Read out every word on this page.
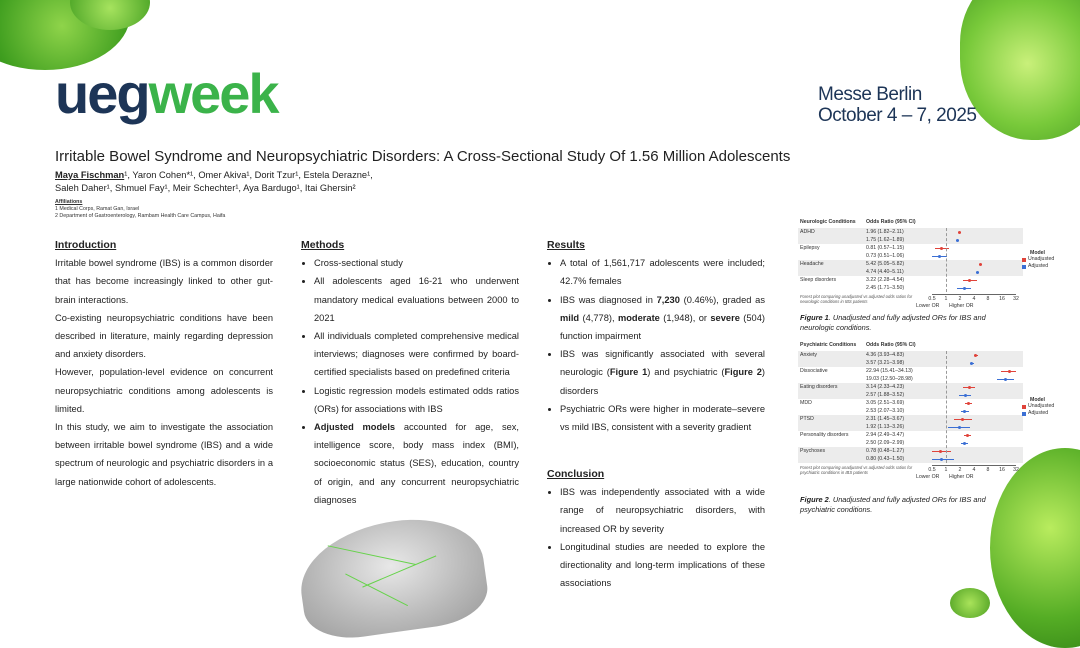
uegweek	Messe Berlin
October 4 – 7, 2025
Irritable Bowel Syndrome and Neuropsychiatric Disorders: A Cross-Sectional Study Of 1.56 Million Adolescents
Maya Fischman¹, Yaron Cohen*¹, Omer Akiva¹, Dorit Tzur¹, Estela Derazne¹,
Saleh Daher¹, Shmuel Fay¹, Meir Schechter¹, Aya Bardugo¹, Itai Ghersin²
Affiliations
1 Medical Corps, Ramat Gan, Israel
2 Department of Gastroenterology, Rambam Health Care Campus, Haifa
Introduction

Irritable bowel syndrome (IBS) is a common disorder that has become increasingly linked to other gut-brain interactions.

Co-existing neuropsychiatric conditions have been described in literature, mainly regarding depression and anxiety disorders.

However, population-level evidence on concurrent neuropsychiatric conditions among adolescents is limited.

In this study, we aim to investigate the association between irritable bowel syndrome (IBS) and a wide spectrum of neurologic and psychiatric disorders in a large nationwide cohort of adolescents.

Methods
• Cross-sectional study
• All adolescents aged 16-21 who underwent mandatory medical evaluations between 2000 to 2021
• All individuals completed comprehensive medical interviews; diagnoses were confirmed by board-certified specialists based on predefined criteria
• Logistic regression models estimated odds ratios (ORs) for associations with IBS
• Adjusted models accounted for age, sex, intelligence score, body mass index (BMI), socioeconomic status (SES), education, country of origin, and any concurrent neuropsychiatric diagnoses
Results
• A total of 1,561,717 adolescents were included; 42.7% females
• IBS was diagnosed in 7,230 (0.46%), graded as mild (4,778), moderate (1,948), or severe (504) function impairment
• IBS was significantly associated with several neurologic (Figure 1) and psychiatric (Figure 2) disorders
• Psychiatric ORs were higher in moderate–severe vs mild IBS, consistent with a severity gradient
Conclusion
• IBS was independently associated with a wide range of neuropsychiatric disorders, with increased OR by severity
• Longitudinal studies are needed to explore the directionality and long-term implications of these associations
Neurologic Conditions Odds Ratio (95% CI)
ADHD	1.96 (1.82–2.11)
1.75 (1.62–1.89)
Epilepsy	0.81 (0.57–1.15)
0.73 (0.51–1.06)
Headache	5.42 (5.05–5.82)
4.74 (4.40–5.11)
Sleep disorders	3.22 (2.28–4.54)
2.45 (1.71–3.50)
0.5	1	2	4	8	16 32
Lower OR Higher OR
Forest plot comparing unadjusted vs adjusted odds ratios for neurologic conditions in IBS patients
Model
Unadjusted
Adjusted
Figure 1. Unadjusted and fully adjusted ORs for IBS and neurologic conditions.
Psychiatric Conditions Odds Ratio (95% CI)
Anxiety	4.36 (3.93–4.83)
3.57 (3.21–3.98)
Dissociative	22.94 (15.41–34.13)
19.03 (12.50–28.98)
Eating disorders	3.14 (2.33–4.23)
2.57 (1.88–3.52)
MDD	3.05 (2.51–3.69)
2.53 (2.07–3.10)
PTSD	2.31 (1.45–3.67)
1.92 (1.13–3.26)
Personality disorders	2.94 (2.49–3.47)
2.50 (2.09–2.99)
Psychoses	0.78 (0.48–1.27)
0.80 (0.43–1.50)
0.5	1	2	4	8	16 32
Lower OR Higher OR
Forest plot comparing unadjusted vs adjusted odds ratios for psychiatric conditions in IBS patients
Model
Unadjusted
Adjusted
Figure 2. Unadjusted and fully adjusted ORs for IBS and psychiatric conditions.
